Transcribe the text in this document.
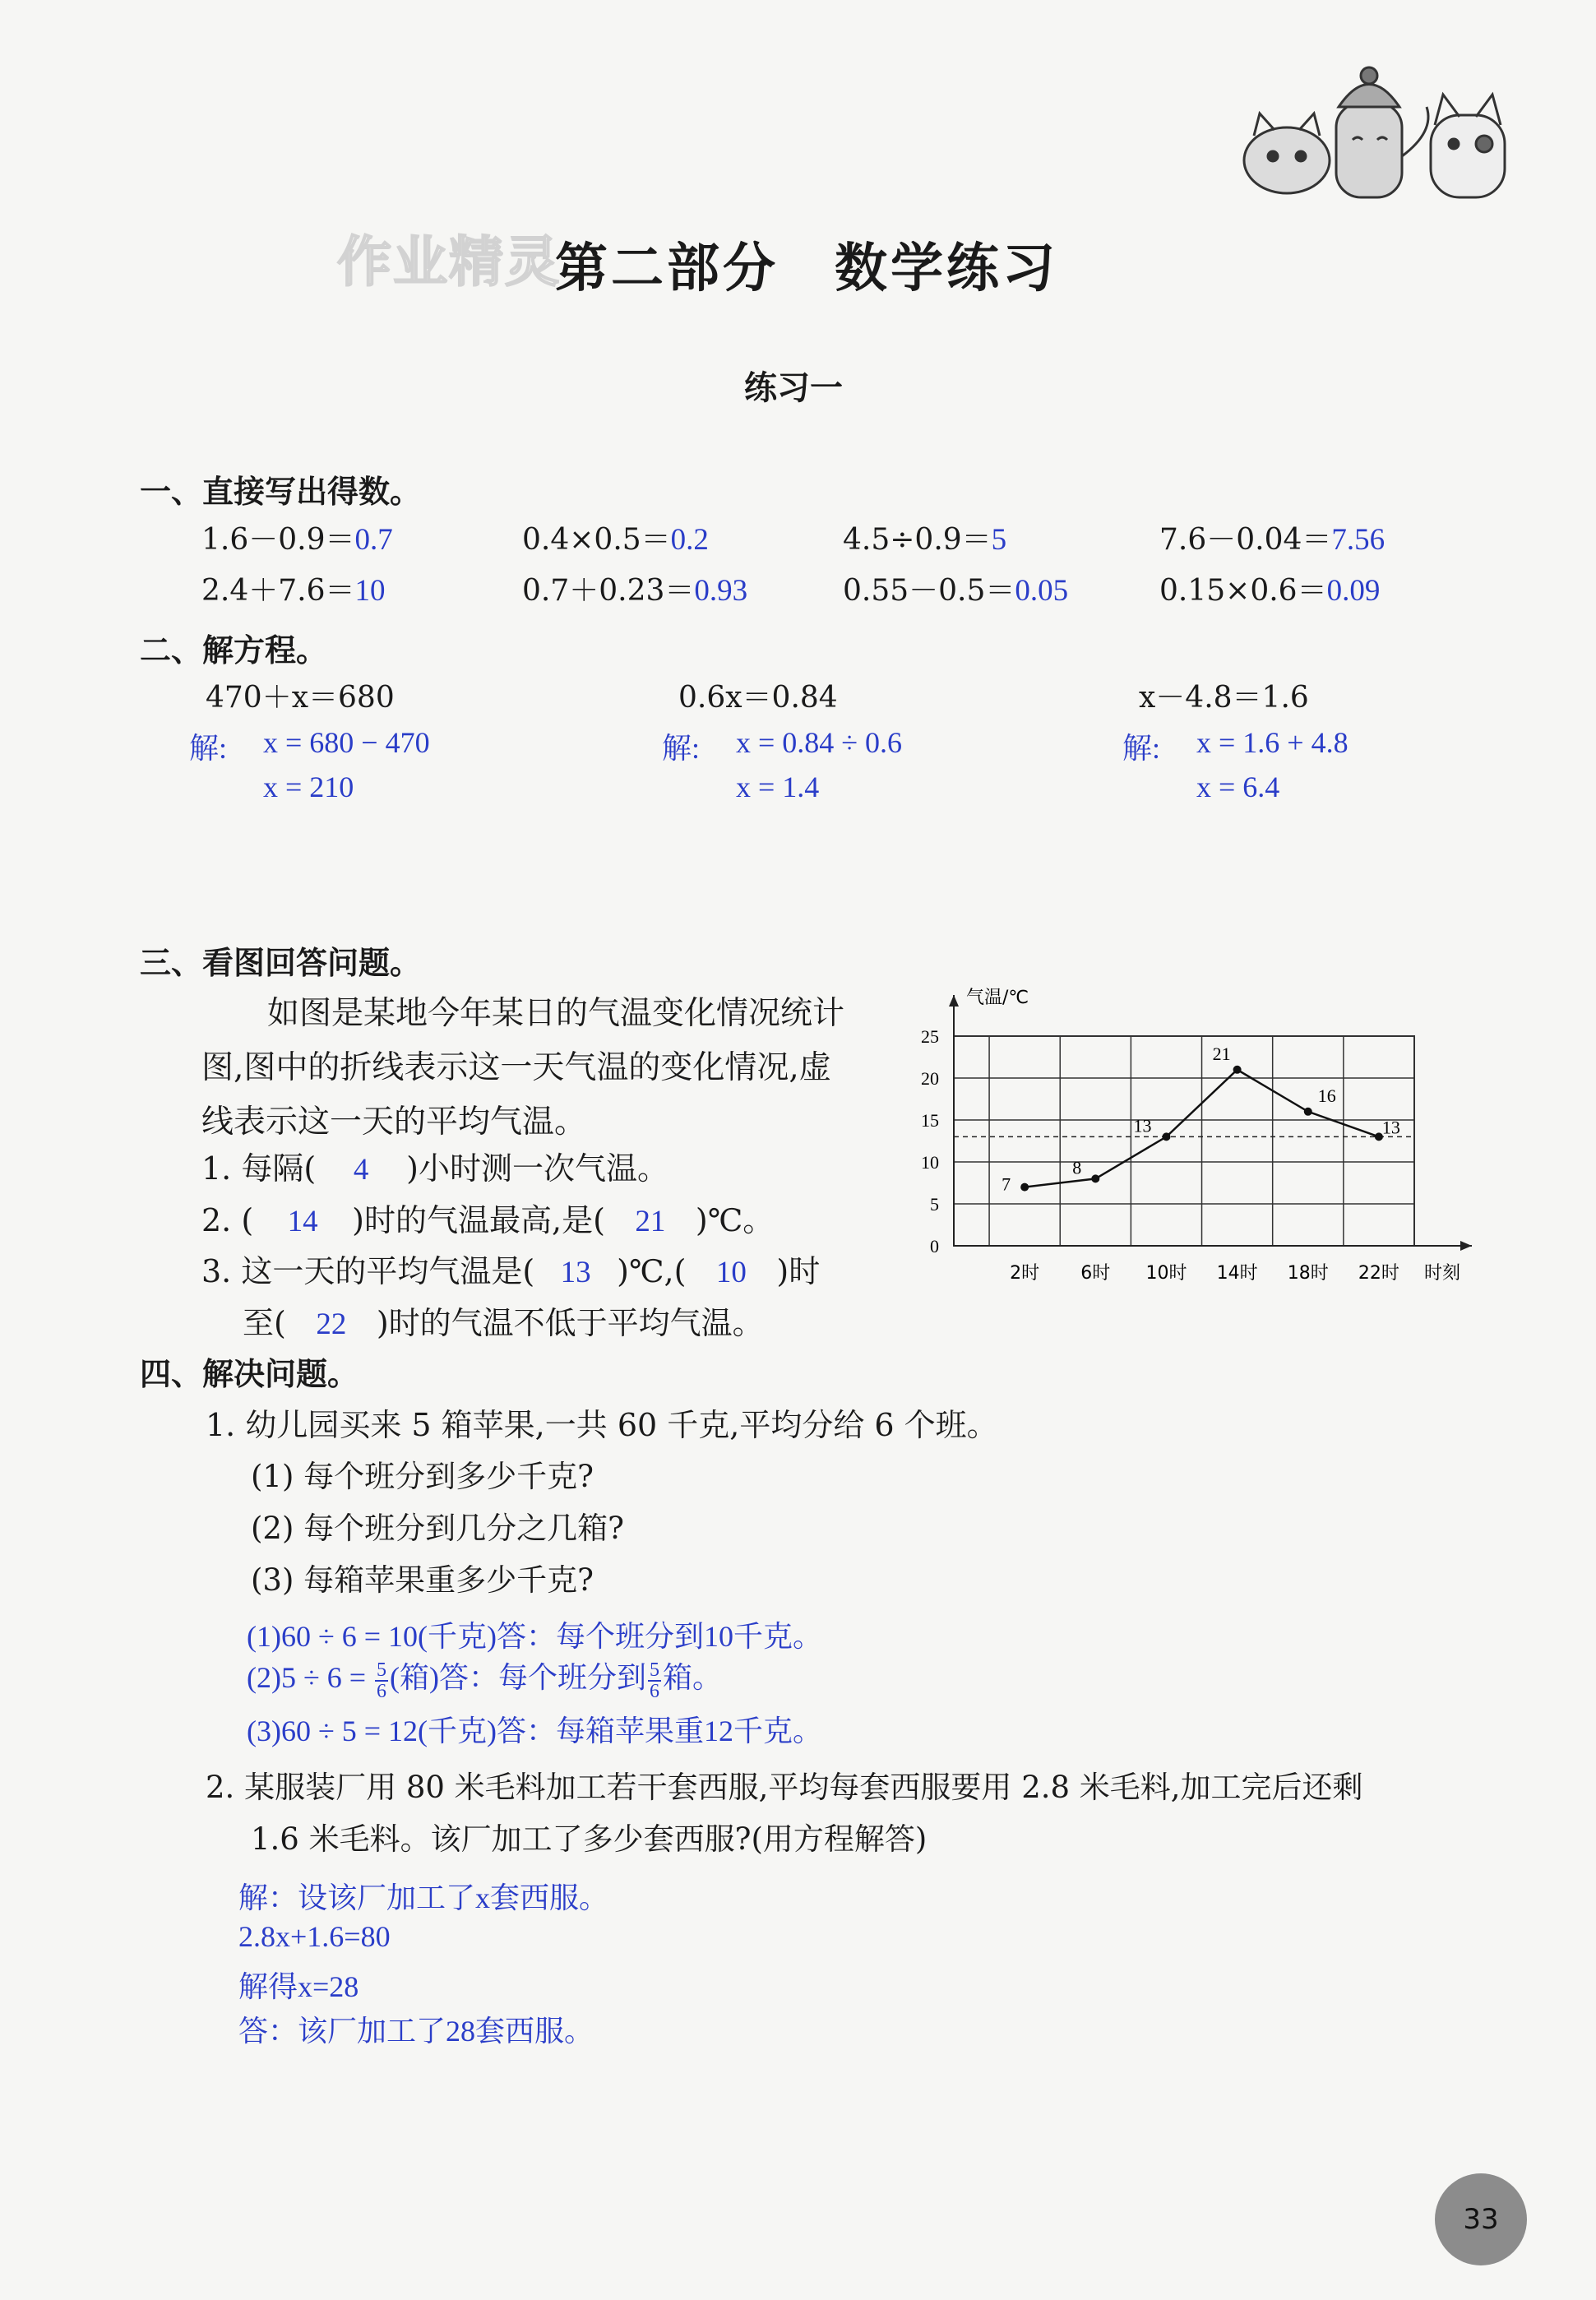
作业精灵
第二部分　数学练习
练习一
一、直接写出得数。
1.6－0.9＝0.7	0.4×0.5＝0.2	4.5÷0.9＝5	7.6－0.04＝7.56
2.4＋7.6＝10	0.7＋0.23＝0.93	0.55－0.5＝0.05	0.15×0.6＝0.09
二、解方程。
470＋x＝680
解: x = 680 − 470
x = 210
0.6x＝0.84
解: x = 0.84 ÷ 0.6
x = 1.4
x－4.8＝1.6
解: x = 1.6 + 4.8
x = 6.4
三、看图回答问题。
如图是某地今年某日的气温变化情况统计
图,图中的折线表示这一天气温的变化情况,虚
线表示这一天的平均气温。
1. 每隔( 4 )小时测一次气温。
2. ( 14 )时的气温最高,是( 21 )℃。
3. 这一天的平均气温是( 13 )℃,( 10 )时
至( 22 )时的气温不低于平均气温。
0
5
10
15
20
25
气温/℃
时刻
2时 6时 10时 14时 18时 22时
7
8
13
21
16
13
四、解决问题。
1. 幼儿园买来 5 箱苹果,一共 60 千克,平均分给 6 个班。
(1) 每个班分到多少千克?
(2) 每个班分到几分之几箱?
(3) 每箱苹果重多少千克?
(1)60 ÷ 6 = 10(千克)答：每个班分到10千克。
$(2)5 \div 6 = \frac{5}{6}$ (箱)答：每个班分到 $\frac{5}{6}$ 箱。
(3)60 ÷ 5 = 12(千克)答：每箱苹果重12千克。
2. 某服装厂用 80 米毛料加工若干套西服,平均每套西服要用 2.8 米毛料,加工完后还剩
1.6 米毛料。该厂加工了多少套西服?(用方程解答)
解：设该厂加工了x套西服。
2.8x+1.6=80
解得x=28
答：该厂加工了28套西服。
33
